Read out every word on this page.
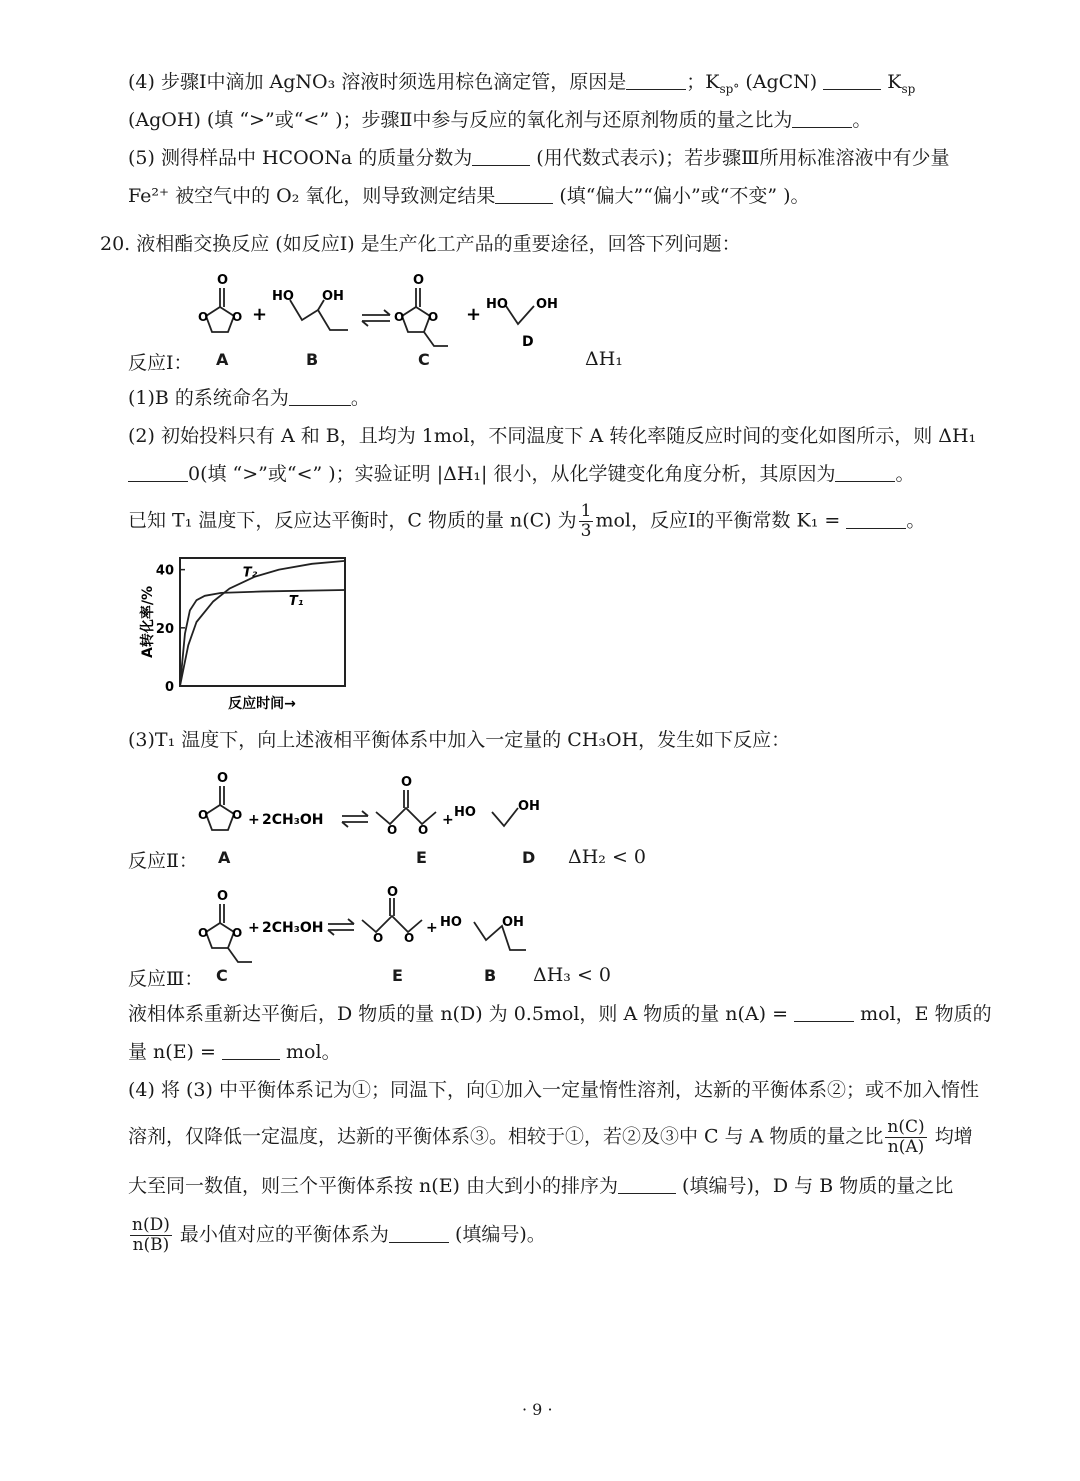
(4) 步骤Ⅰ中滴加 AgNO₃ 溶液时须选用棕色滴定管，原因是	；$K_{sp^\circ}$ (AgCN)	$K_{sp}$
(AgOH) (填 “>”或“<” )；步骤Ⅱ中参与反应的氧化剂与还原剂物质的量之比为	。
(5) 测得样品中 HCOONa 的质量分数为	(用代数式表示)；若步骤Ⅲ所用标准溶液中有少量
Fe²⁺ 被空气中的 O₂ 氧化，则导致测定结果	(填“偏大”“偏小”或“不变” )。
20. 液相酯交换反应 (如反应Ⅰ) 是生产化工产品的重要途径，回答下列问题：
O
O O +
HO OH
O
O O + HO OH
D
反应Ⅰ： A	B	C	ΔH₁
(1)B 的系统命名为	。
(2) 初始投料只有 A 和 B，且均为 1mol，不同温度下 A 转化率随反应时间的变化如图所示，则 ΔH₁
0(填 “>”或“<” )；实验证明 |ΔH₁| 很小，从化学键变化角度分析，其原因为	。
已知 T₁ 温度下，反应达平衡时，C 物质的量 n(C) 为 $\frac{1}{3}$ mol，反应Ⅰ的平衡常数 K₁ =	。
0
20
40	T₂
T₁
A转化率/%
反应时间→
(3)T₁ 温度下，向上述液相平衡体系中加入一定量的 CH₃OH，发生如下反应：
O
O O + 2CH₃OH
O
O O
+ HO	OH
反应Ⅱ： A	E	D ΔH₂ < 0
O
O O + 2CH₃OH
O
O O
+ HO	OH
反应Ⅲ： C	E	B ΔH₃ < 0
液相体系重新达平衡后，D 物质的量 n(D) 为 0.5mol，则 A 物质的量 n(A) =	mol，E 物质的
量 n(E) =	mol。
(4) 将 (3) 中平衡体系记为①；同温下，向①加入一定量惰性溶剂，达新的平衡体系②；或不加入惰性
溶剂，仅降低一定温度，达新的平衡体系③。相较于①，若②及③中 C 与 A 物质的量之比 $\frac{n(C)}{n(A)}$ 均增
大至同一数值，则三个平衡体系按 n(E) 由大到小的排序为	(填编号)，D 与 B 物质的量之比
$\frac{n(D)}{n(B)}$ 最小值对应的平衡体系为	(填编号)。
· 9 ·
